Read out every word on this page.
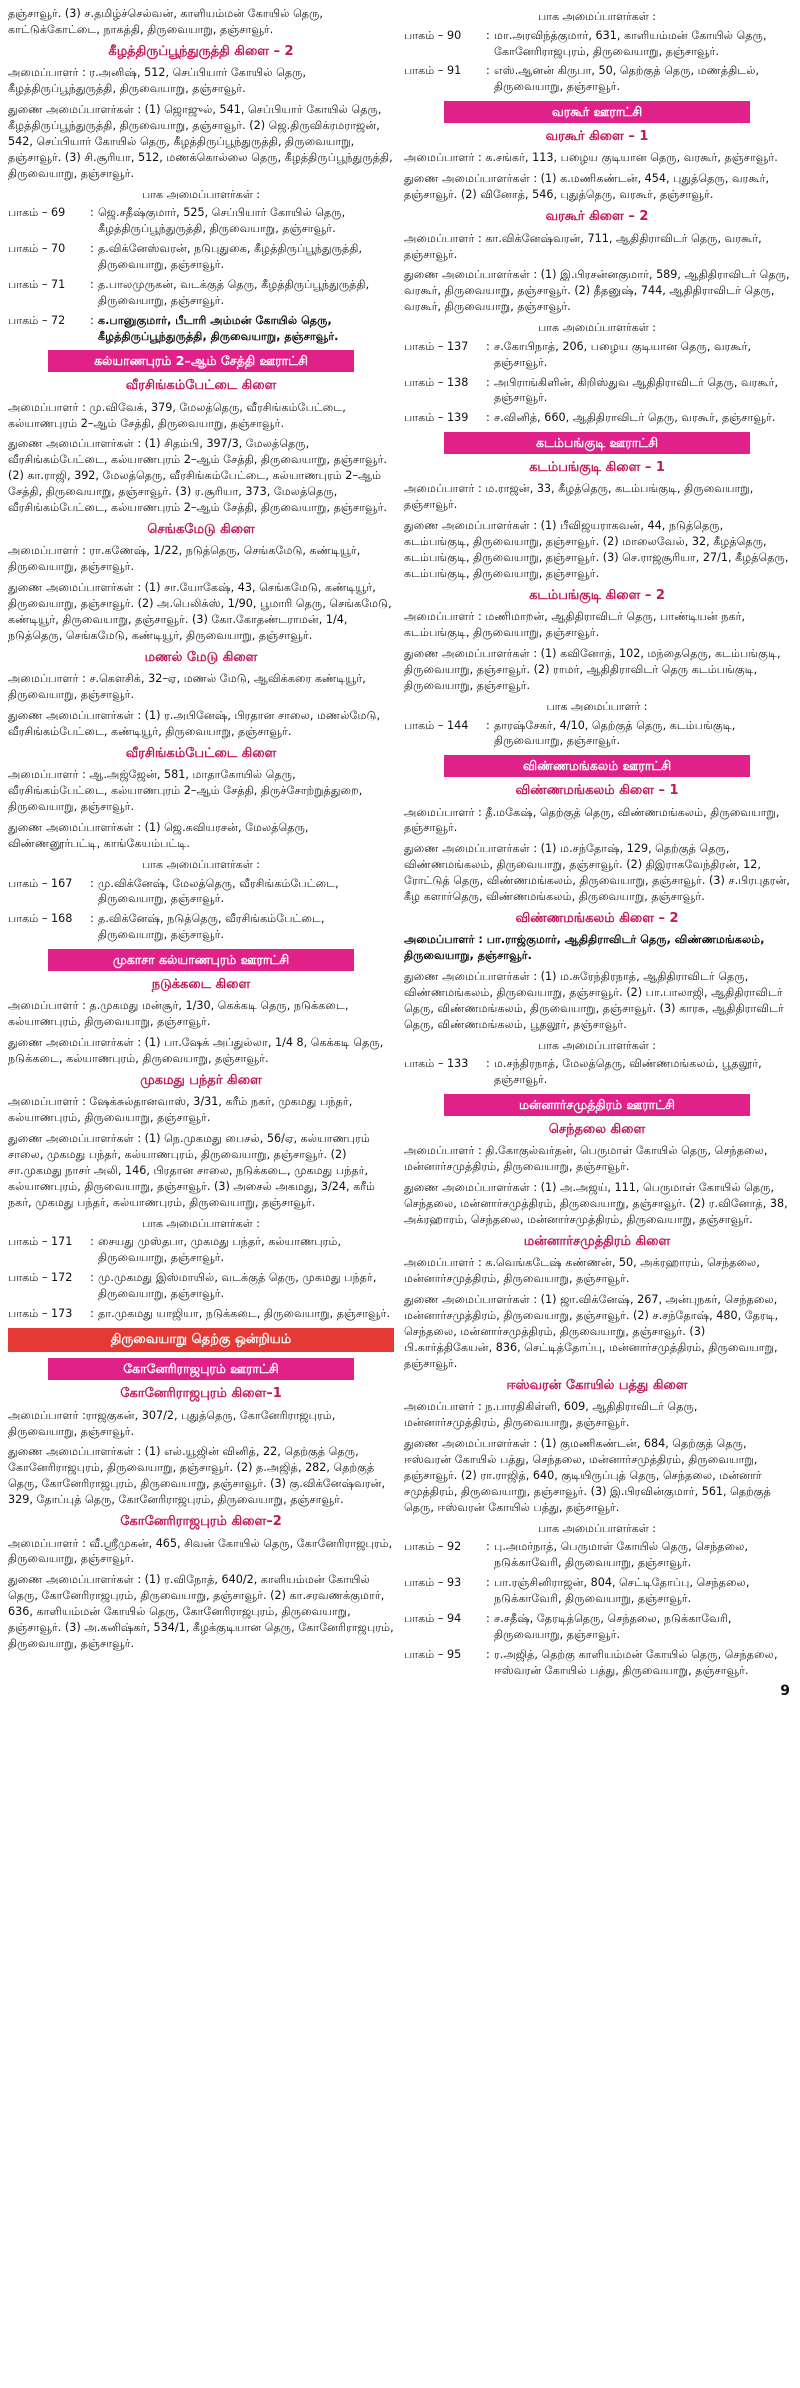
தஞ்சாவூர். (3) ச.தமிழ்ச்செல்வன், காளியம்மன் கோயில் தெரு, காட்டுக்கோட்டை, நாகத்தி, திருவையாறு, தஞ்சாவூர்.

கீழத்திருப்பூந்துருத்தி கிளை – 2

அமைப்பாளர் : ர.அனிஷ், 512, செப்பியார் கோயில் தெரு, கீழத்திருப்பூந்துருத்தி, திருவையாறு, தஞ்சாவூர்.

துணை அமைப்பாளர்கள் : (1) ஜொஜுல், 541, செப்பியார் கோயில் தெரு, கீழத்திருப்பூந்துருத்தி, திருவையாறு, தஞ்சாவூர். (2) ஜெ.திருவிக்ரமராஜன், 542, செப்பியார் கோயில் தெரு, கீழத்திருப்பூந்துருத்தி, திருவையாறு, தஞ்சாவூர். (3) சி.சூரியா, 512, மணக்கொல்லை தெரு, கீழத்திருப்பூந்துருத்தி, திருவையாறு, தஞ்சாவூர்.

பாக அமைப்பாளர்கள் :
பாகம் – 69	: ஜெ.சதீஷ்குமார், 525, செப்பியார் கோயில் தெரு, கீழத்திருப்பூந்துருத்தி, திருவையாறு, தஞ்சாவூர்.
பாகம் – 70	: த.விக்னேஸ்வரன், நடுபுதுகை, கீழத்திருப்பூந்துருத்தி, திருவையாறு, தஞ்சாவூர்.
பாகம் – 71	: த.பாலமுருகன், வடக்குத் தெரு, கீழத்திருப்பூந்துருத்தி, திருவையாறு, தஞ்சாவூர்.
பாகம் – 72	: க.பானுகுமார், பீடாரி அம்மன் கோயில் தெரு, கீழத்திருப்பூந்துருத்தி, திருவையாறு, தஞ்சாவூர்.
கல்யாணபுரம் 2–ஆம் சேத்தி ஊராட்சி
வீரசிங்கம்பேட்டை கிளை

அமைப்பாளர் : மு.விவேக், 379, மேலத்தெரு, வீரசிங்கம்பேட்டை, கல்யாணபுரம் 2–ஆம் சேத்தி, திருவையாறு, தஞ்சாவூர்.

துணை அமைப்பாளர்கள் : (1) சிதம்பி, 397/3, மேலத்தெரு, வீரசிங்கம்பேட்டை, கல்யாணபுரம் 2–ஆம் சேத்தி, திருவையாறு, தஞ்சாவூர். (2) கா.ராஜி, 392, மேலத்தெரு, வீரசிங்கம்பேட்டை, கல்யாணபுரம் 2–ஆம் சேத்தி, திருவையாறு, தஞ்சாவூர். (3) ர.சூரியா, 373, மேலத்தெரு, வீரசிங்கம்பேட்டை, கல்யாணபுரம் 2–ஆம் சேத்தி, திருவையாறு, தஞ்சாவூர்.

செங்கமேடு கிளை

அமைப்பாளர் : ரா.கணேஷ், 1/22, நடுத்தெரு, செங்கமேடு, கண்டியூர், திருவையாறு, தஞ்சாவூர்.

துணை அமைப்பாளர்கள் : (1) சா.யோகேஷ், 43, செங்கமேடு, கண்டியூர், திருவையாறு, தஞ்சாவூர். (2) அ.பெலிக்ஸ், 1/90, பூமாரி தெரு, செங்கமேடு, கண்டியூர், திருவையாறு, தஞ்சாவூர். (3) கோ.கோதண்டராமன், 1/4, நடுத்தெரு, செங்கமேடு, கண்டியூர், திருவையாறு, தஞ்சாவூர்.

மணல் மேடு கிளை

அமைப்பாளர் : ச.கௌசிக், 32–ஏ, மணல் மேடு, ஆவிக்கரை கண்டியூர், திருவையாறு, தஞ்சாவூர்.

துணை அமைப்பாளர்கள் : (1) ர.அபினேஷ், பிரதான சாலை, மணல்மேடு, வீரசிங்கம்பேட்டை, கண்டியூர், திருவையாறு, தஞ்சாவூர்.

வீரசிங்கம்பேட்டை கிளை

அமைப்பாளர் : ஆ.அஜ்ஜேன், 581, மாதாகோயில் தெரு, வீரசிங்கம்பேட்டை, கல்யாணபுரம் 2–ஆம் சேத்தி, திருச்சோற்றுத்துறை, திருவையாறு, தஞ்சாவூர்.

துணை அமைப்பாளர்கள் : (1) ஜெ.கவியரசன், மேலத்தெரு, விண்ணனூர்பட்டி, காங்கேயம்பட்டி.

பாக அமைப்பாளர்கள் :
பாகம் – 167	: மு.விக்னேஷ், மேலத்தெரு, வீரசிங்கம்பேட்டை, திருவையாறு, தஞ்சாவூர்.
பாகம் – 168	: த.விக்னேஷ், நடுத்தெரு, வீரசிங்கம்பேட்டை, திருவையாறு, தஞ்சாவூர்.
முகாசா கல்யாணபுரம் ஊராட்சி
நடுக்கடை கிளை

அமைப்பாளர் : த.முகமது மன்சூர், 1/30, கெக்கடி தெரு, நடுக்கடை, கல்யாணபுரம், திருவையாறு, தஞ்சாவூர்.

துணை அமைப்பாளர்கள் : (1) பா.ஷேக் அப்துல்லா, 1/4 8, கெக்கடி தெரு, நடுக்கடை, கல்யாணபுரம், திருவையாறு, தஞ்சாவூர்.

முகமது பந்தர் கிளை

அமைப்பாளர் : ஷேக்சுல்தானவாஸ், 3/31, கரீம் நகர், முகமது பந்தர், கல்யாணபுரம், திருவையாறு, தஞ்சாவூர்.

துணை அமைப்பாளர்கள் : (1) நெ.முகமது பைசல், 56/ஏ, கல்யாணபுரம் சாலை, முகமது பந்தர், கல்யாணபுரம், திருவையாறு, தஞ்சாவூர். (2) சா.முகமது நாசர் அலி, 146, பிரதான சாலை, நடுக்கடை, முகமது பந்தர், கல்யாணபுரம், திருவையாறு, தஞ்சாவூர். (3) அசைல் அகமது, 3/24, கரீம் நகர், முகமது பந்தர், கல்யாணபுரம், திருவையாறு, தஞ்சாவூர்.

பாக அமைப்பாளர்கள் :
பாகம் – 171	: சையது முஸ்தபா, முகமது பந்தர், கல்யாணபுரம், திருவையாறு, தஞ்சாவூர்.
பாகம் – 172	: மு.முகமது இஸ்மாயில், வடக்குத் தெரு, முகமது பந்தர், திருவையாறு, தஞ்சாவூர்.
பாகம் – 173	: தா.முகமது யாஜியா, நடுக்கடை, திருவையாறு, தஞ்சாவூர்.
திருவையாறு தெற்கு ஒன்றியம்
கோனேரிராஜபுரம் ஊராட்சி
கோனேரிராஜபுரம் கிளை–1

அமைப்பாளர் :ராஜகுகன், 307/2, புதுத்தெரு, கோனேரிராஜபுரம், திருவையாறு, தஞ்சாவூர்.

துணை அமைப்பாளர்கள் : (1) எல்.யூஜின் வினித், 22, தெற்குத் தெரு, கோனேரிராஜபுரம், திருவையாறு, தஞ்சாவூர். (2) த.அஜித், 282, தெற்குத் தெரு, கோனேரிராஜபுரம், திருவையாறு, தஞ்சாவூர். (3) கு.விக்னேஷ்வரன், 329, தோப்புத் தெரு, கோனேரிராஜபுரம், திருவையாறு, தஞ்சாவூர்.

கோனேரிராஜபுரம் கிளை–2

அமைப்பாளர் : வீ.ஸ்ரீமுகன், 465, சிவன் கோயில் தெரு, கோனேரிராஜபுரம், திருவையாறு, தஞ்சாவூர்.

துணை அமைப்பாளர்கள் : (1) ர.விநோத், 640/2, காளியம்மன் கோயில் தெரு, கோனேரிராஜபுரம், திருவையாறு, தஞ்சாவூர். (2) கா.சரவணக்குமார், 636, காளியம்மன் கோயில் தெரு, கோனேரிராஜபுரம், திருவையாறு, தஞ்சாவூர். (3) அ.கனிஷ்கர், 534/1, கீழக்குடியான தெரு, கோனேரிராஜபுரம், திருவையாறு, தஞ்சாவூர்.

பாக அமைப்பாளர்கள் :
பாகம் – 90	: மா.அரவிந்த்குமார், 631, காளியம்மன் கோயில் தெரு, கோனேரிராஜபுரம், திருவையாறு, தஞ்சாவூர்.
பாகம் – 91	: எஸ்.ஆனன் கிருபா, 50, தெற்குத் தெரு, மணத்திடல், திருவையாறு, தஞ்சாவூர்.
வரகூர் ஊராட்சி
வரகூர் கிளை – 1

அமைப்பாளர் : க.சங்கர், 113, பழைய குடியான தெரு, வரகூர், தஞ்சாவூர்.

துணை அமைப்பாளர்கள் : (1) க.மணிகண்டன், 454, புதுத்தெரு, வரகூர், தஞ்சாவூர். (2) வினோத், 546, புதுத்தெரு, வரகூர், தஞ்சாவூர்.

வரகூர் கிளை – 2

அமைப்பாளர் : கா.விக்னேஷ்வரன், 711, ஆதிதிராவிடர் தெரு, வரகூர், தஞ்சாவூர்.

துணை அமைப்பாளர்கள் : (1) இ.பிரசன்னகுமார், 589, ஆதிதிராவிடர் தெரு, வரகூர், திருவையாறு, தஞ்சாவூர். (2) தீதனுஷ், 744, ஆதிதிராவிடர் தெரு, வரகூர், திருவையாறு, தஞ்சாவூர்.

பாக அமைப்பாளர்கள் :
பாகம் – 137	: ச.கோபிநாத், 206, பழைய குடியான தெரு, வரகூர், தஞ்சாவூர்.
பாகம் – 138	: அபிராங்கிளின், கிறிஸ்துவ ஆதிதிராவிடர் தெரு, வரகூர், தஞ்சாவூர்.
பாகம் – 139	: ச.வினித், 660, ஆதிதிராவிடர் தெரு, வரகூர், தஞ்சாவூர்.
கடம்பங்குடி ஊராட்சி
கடம்பங்குடி கிளை – 1

அமைப்பாளர் : ம.ராஜன், 33, கீழத்தெரு, கடம்பங்குடி, திருவையாறு, தஞ்சாவூர்.

துணை அமைப்பாளர்கள் : (1) பீவிஜயராகவன், 44, நடுத்தெரு, கடம்பங்குடி, திருவையாறு, தஞ்சாவூர். (2) மாலைவேல், 32, கீழத்தெரு, கடம்பங்குடி, திருவையாறு, தஞ்சாவூர். (3) செ.ராஜசூரியா, 27/1, கீழத்தெரு, கடம்பங்குடி, திருவையாறு, தஞ்சாவூர்.

கடம்பங்குடி கிளை – 2

அமைப்பாளர் : மணிமாறன், ஆதிதிராவிடர் தெரு, பாண்டியன் நகர், கடம்பங்குடி, திருவையாறு, தஞ்சாவூர்.

துணை அமைப்பாளர்கள் : (1) கவினோத், 102, மந்தைதெரு, கடம்பங்குடி, திருவையாறு, தஞ்சாவூர். (2) ராமர், ஆதிதிராவிடர் தெரு கடம்பங்குடி, திருவையாறு, தஞ்சாவூர்.

பாக அமைப்பாளர் :
பாகம் – 144	: தாரஷ்சேகர், 4/10, தெற்குத் தெரு, கடம்பங்குடி, திருவையாறு, தஞ்சாவூர்.
விண்ணமங்கலம் ஊராட்சி
விண்ணமங்கலம் கிளை – 1

அமைப்பாளர் : தீ.மகேஷ், தெற்குத் தெரு, விண்ணமங்கலம், திருவையாறு, தஞ்சாவூர்.

துணை அமைப்பாளர்கள் : (1) ம.சந்தோஷ், 129, தெற்குத் தெரு, விண்ணமங்கலம், திருவையாறு, தஞ்சாவூர். (2) திஇராகவேந்திரன், 12, ரோட்டுத் தெரு, விண்ணமங்கலம், திருவையாறு, தஞ்சாவூர். (3) ச.பிரபுதரன், கீழ களார்தெரு, விண்ணமங்கலம், திருவையாறு, தஞ்சாவூர்.

விண்ணமங்கலம் கிளை – 2

அமைப்பாளர் : பா.ராஜ்குமார், ஆதிதிராவிடர் தெரு, விண்ணமங்கலம், திருவையாறு, தஞ்சாவூர்.

துணை அமைப்பாளர்கள் : (1) ம.சுரேந்திரநாத், ஆதிதிராவிடர் தெரு, விண்ணமங்கலம், திருவையாறு, தஞ்சாவூர். (2) பா.பாலாஜி, ஆதிதிராவிடர் தெரு, விண்ணமங்கலம், திருவையாறு, தஞ்சாவூர். (3) காரசு, ஆதிதிராவிடர் தெரு, விண்ணமங்கலம், பூதலூர், தஞ்சாவூர்.

பாக அமைப்பாளர்கள் :
பாகம் – 133	: ம.சந்திரநாத், மேலத்தெரு, விண்ணமங்கலம், பூதலூர், தஞ்சாவூர்.
மன்னார்சமுத்திரம் ஊராட்சி
செந்தலை கிளை

அமைப்பாளர் : தி.கோகுல்வர்தன், பெருமாள் கோயில் தெரு, செந்தலை, மன்னார்சமுத்திரம், திருவையாறு, தஞ்சாவூர்.

துணை அமைப்பாளர்கள் : (1) அ.அஜய், 111, பெருமாள் கோயில் தெரு, செந்தலை, மன்னார்சமுத்திரம், திருவையாறு, தஞ்சாவூர். (2) ர.வினோத், 38, அக்ரஹாரம், செந்தலை, மன்னார்சமுத்திரம், திருவையாறு, தஞ்சாவூர்.

மன்னார்சமுத்திரம் கிளை

அமைப்பாளர் : க.வெங்கடேஷ் கண்ணன், 50, அக்ரஹாரம், செந்தலை, மன்னார்சமுத்திரம், திருவையாறு, தஞ்சாவூர்.

துணை அமைப்பாளர்கள் : (1) ஜா.விக்னேஷ், 267, அன்புநகர், செந்தலை, மன்னார்சமுத்திரம், திருவையாறு, தஞ்சாவூர். (2) ச.சந்தோஷ், 480, தேரடி, செந்தலை, மன்னார்சமுத்திரம், திருவையாறு, தஞ்சாவூர். (3) பி.கார்த்திகேயன், 836, செட்டித்தோப்பு, மன்னார்சமுத்திரம், திருவையாறு, தஞ்சாவூர்.

ஈஸ்வரன் கோயில் பத்து கிளை

அமைப்பாளர் : ந.பாரதிகிள்ளி, 609, ஆதிதிராவிடர் தெரு, மன்னார்சமுத்திரம், திருவையாறு, தஞ்சாவூர்.

துணை அமைப்பாளர்கள் : (1) குமணிகண்டன், 684, தெற்குத் தெரு, ஈஸ்வரன் கோயில் பத்து, செந்தலை, மன்னார்சமுத்திரம், திருவையாறு, தஞ்சாவூர். (2) ரா.ராஜித், 640, குடியிருப்புத் தெரு, செந்தலை, மன்னார் சமுத்திரம், திருவையாறு, தஞ்சாவூர். (3) இ.பிரவின்குமார், 561, தெற்குத் தெரு, ஈஸ்வரன் கோயில் பத்து, தஞ்சாவூர்.

பாக அமைப்பாளர்கள் :
பாகம் – 92	: பு.அமர்நாத், பெருமாள் கோயில் தெரு, செந்தலை, நடுக்காவேரி, திருவையாறு, தஞ்சாவூர்.
பாகம் – 93	: பா.ரஞ்சினிராஜன், 804, செட்டிதோப்பு, செந்தலை, நடுக்காவேரி, திருவையாறு, தஞ்சாவூர்.
பாகம் – 94	: ச.சதீஷ், தேரடித்தெரு, செந்தலை, நடுக்காவேரி, திருவையாறு, தஞ்சாவூர்.
பாகம் – 95	: ர.அஜித், தெற்கு காளியம்மன் கோயில் தெரு, செந்தலை, ஈஸ்வரன் கோயில் பத்து, திருவையாறு, தஞ்சாவூர்.
9
